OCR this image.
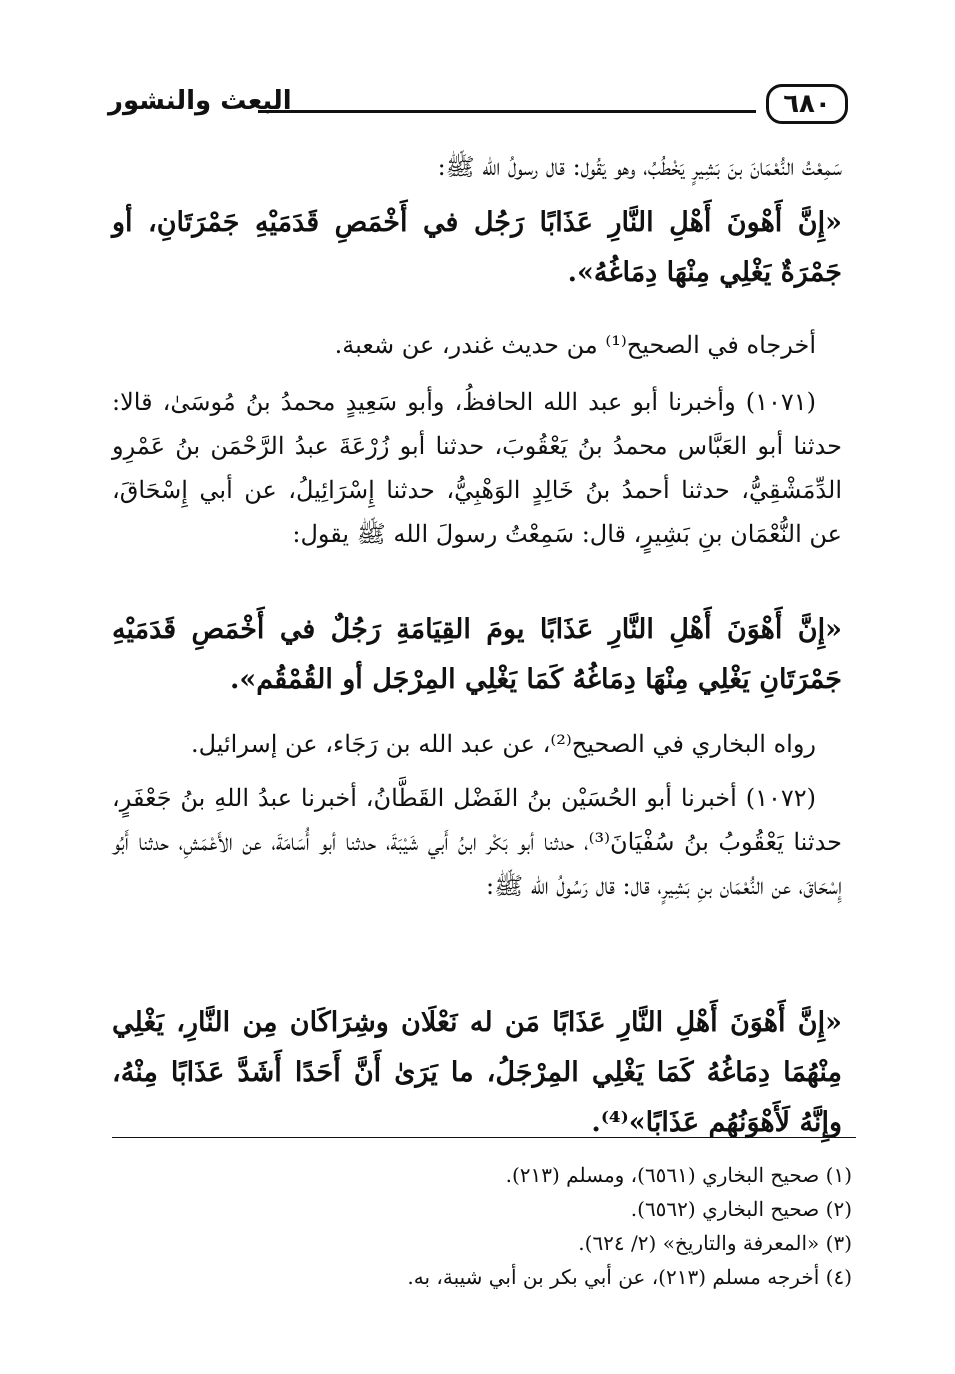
البعث والنشور	٦٨٠
سَمِعْتُ النُّعْمَانَ بنَ بَشِيرٍ يَخْطُبُ، وهو يَقُول: قال رسولُ الله ﷺ:
«إِنَّ أَهْونَ أَهْلِ النَّارِ عَذَابًا رَجُل في أَخْمَصِ قَدَمَيْهِ جَمْرَتَانِ، أو جَمْرَةٌ يَغْلِي مِنْهَا دِمَاغُهُ».
أخرجاه في الصحيح⁽¹⁾ من حديث غندر، عن شعبة.
(١٠٧١) وأخبرنا أبو عبد الله الحافظُ، وأبو سَعِيدٍ محمدُ بنُ مُوسَىٰ، قالا: حدثنا أبو العَبَّاس محمدُ بنُ يَعْقُوبَ، حدثنا أبو زُرْعَةَ عبدُ الرَّحْمَن بنُ عَمْرِو الدِّمَشْقِيُّ، حدثنا أحمدُ بنُ خَالِدٍ الوَهْبِيُّ، حدثنا إِسْرَائِيلُ، عن أبي إِسْحَاقَ، عن النُّعْمَان بنِ بَشِيرٍ، قال: سَمِعْتُ رسولَ الله ﷺ يقول:
«إِنَّ أَهْوَنَ أَهْلِ النَّارِ عَذَابًا يومَ القِيَامَةِ رَجُلٌ في أَخْمَصِ قَدَمَيْهِ جَمْرَتَانِ يَغْلِي مِنْهَا دِمَاغُهُ كَمَا يَغْلِي المِرْجَل أو القُمْقُم».
رواه البخاري في الصحيح⁽²⁾، عن عبد الله بن رَجَاء، عن إسرائيل.
(١٠٧٢) أخبرنا أبو الحُسَيْن بنُ الفَضْل القَطَّانُ، أخبرنا عبدُ اللهِ بنُ جَعْفَرٍ، حدثنا يَعْقُوبُ بنُ سُفْيَانَ⁽³⁾، حدثنا أبو بَكْر ابنُ أَبي شَيْبَةَ، حدثنا أبو أُسَامَةَ، عن الأَعْمَشِ، حدثنا أَبُو إِسْحَاقَ، عن النُّعْمَان بنِ بَشِيرٍ، قال: قال رَسُولُ الله ﷺ:
«إِنَّ أَهْوَنَ أَهْلِ النَّارِ عَذَابًا مَن له نَعْلَان وشِرَاكَان مِن النَّارِ، يَغْلِي مِنْهُمَا دِمَاغُهُ كَمَا يَغْلِي المِرْجَلُ، ما يَرَىٰ أَنَّ أَحَدًا أَشَدَّ عَذَابًا مِنْهُ، وإِنَّهُ لَأَهْوَنُهُم عَذَابًا»⁽⁴⁾.
(١) صحيح البخاري (٦٥٦١)، ومسلم (٢١٣).
(٢) صحيح البخاري (٦٥٦٢).
(٣) «المعرفة والتاريخ» (٢/ ٦٢٤).
(٤) أخرجه مسلم (٢١٣)، عن أبي بكر بن أبي شيبة، به.
